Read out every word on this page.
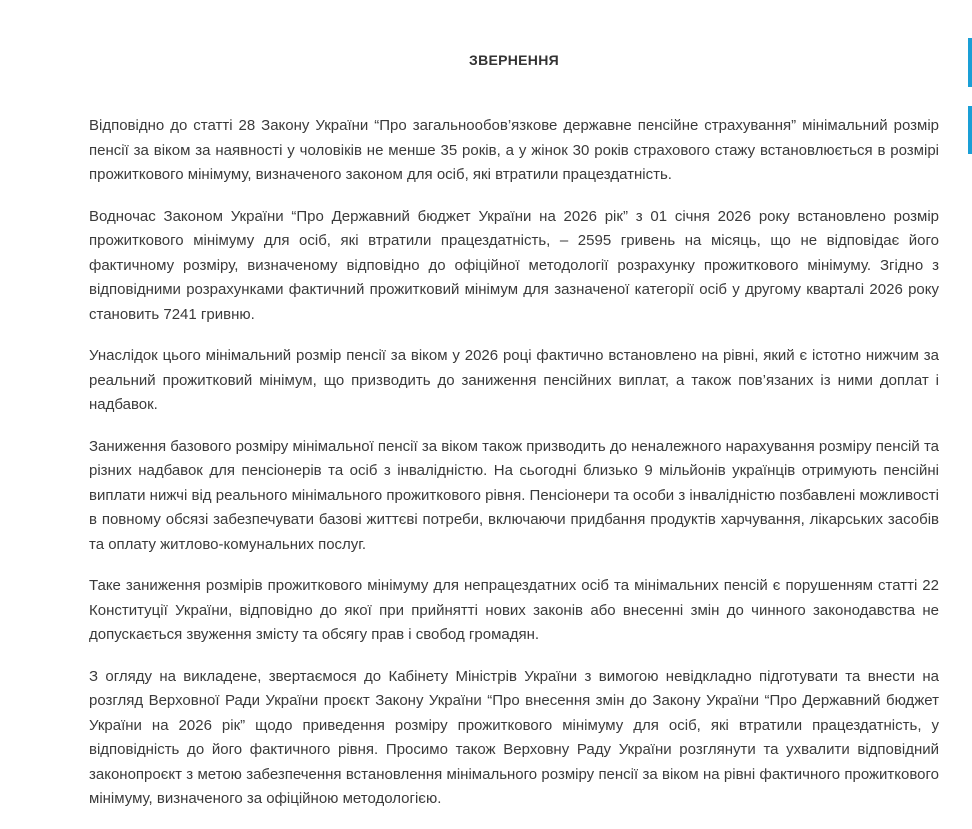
ЗВЕРНЕННЯ

Відповідно до статті 28 Закону України “Про загальнообов’язкове державне пенсійне страхування” мінімальний розмір пенсії за віком за наявності у чоловіків не менше 35 років, а у жінок 30 років страхового стажу встановлюється в розмірі прожиткового мінімуму, визначеного законом для осіб, які втратили працездатність.

Водночас Законом України “Про Державний бюджет України на 2026 рік” з 01 січня 2026 року встановлено розмір прожиткового мінімуму для осіб, які втратили працездатність, – 2595 гривень на місяць, що не відповідає його фактичному розміру, визначеному відповідно до офіційної методології розрахунку прожиткового мінімуму. Згідно з відповідними розрахунками фактичний прожитковий мінімум для зазначеної категорії осіб у другому кварталі 2026 року становить 7241 гривню.

Унаслідок цього мінімальний розмір пенсії за віком у 2026 році фактично встановлено на рівні, який є істотно нижчим за реальний прожитковий мінімум, що призводить до заниження пенсійних виплат, а також пов’язаних із ними доплат і надбавок.

Заниження базового розміру мінімальної пенсії за віком також призводить до неналежного нарахування розміру пенсій та різних надбавок для пенсіонерів та осіб з інвалідністю. На сьогодні близько 9 мільйонів українців отримують пенсійні виплати нижчі від реального мінімального прожиткового рівня. Пенсіонери та особи з інвалідністю позбавлені можливості в повному обсязі забезпечувати базові життєві потреби, включаючи придбання продуктів харчування, лікарських засобів та оплату житлово-комунальних послуг.

Таке заниження розмірів прожиткового мінімуму для непрацездатних осіб та мінімальних пенсій є порушенням статті 22 Конституції України, відповідно до якої при прийнятті нових законів або внесенні змін до чинного законодавства не допускається звуження змісту та обсягу прав і свобод громадян.

З огляду на викладене, звертаємося до Кабінету Міністрів України з вимогою невідкладно підготувати та внести на розгляд Верховної Ради України проєкт Закону України “Про внесення змін до Закону України “Про Державний бюджет України на 2026 рік” щодо приведення розміру прожиткового мінімуму для осіб, які втратили працездатність, у відповідність до його фактичного рівня. Просимо також Верховну Раду України розглянути та ухвалити відповідний законопроєкт з метою забезпечення встановлення мінімального розміру пенсії за віком на рівні фактичного прожиткового мінімуму, визначеного за офіційною методологією.
